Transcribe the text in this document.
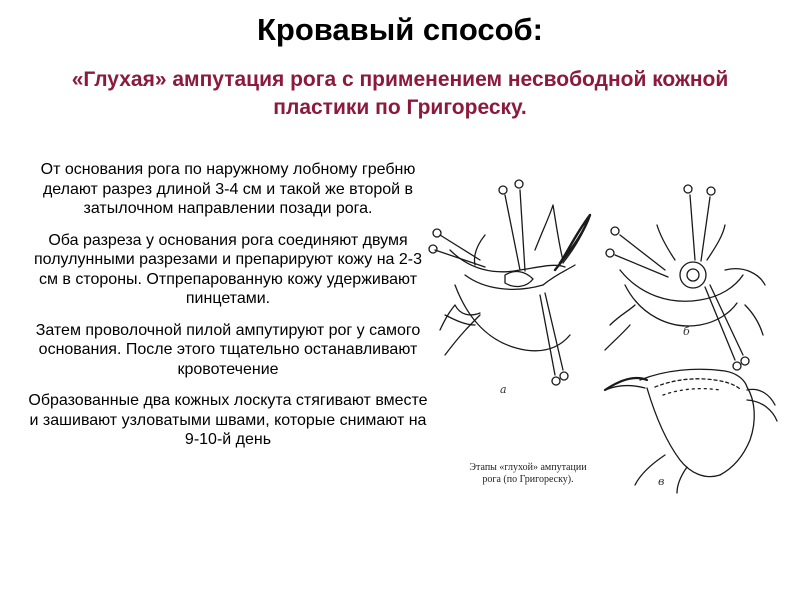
Кровавый способ:
«Глухая» ампутация рога с применением несвободной кожной пластики по Григореску.

От основания рога по наружному лобному гребню делают разрез длиной 3-4 см и такой же второй в затылочном направлении позади рога.

Оба разреза у основания рога соединяют двумя полулунными разрезами и препарируют кожу на 2-3 см в стороны. Отпрепарованную кожу удерживают пинцетами.

Затем проволочной пилой ампутируют рог у самого основания. После этого тщательно останавливают кровотечение

Образованные два кожных лоскута стягивают вместе и зашивают узловатыми швами, которые снимают на 9-10-й день

а
б
в
Этапы «глухой» ампутации рога (по Григореску).
